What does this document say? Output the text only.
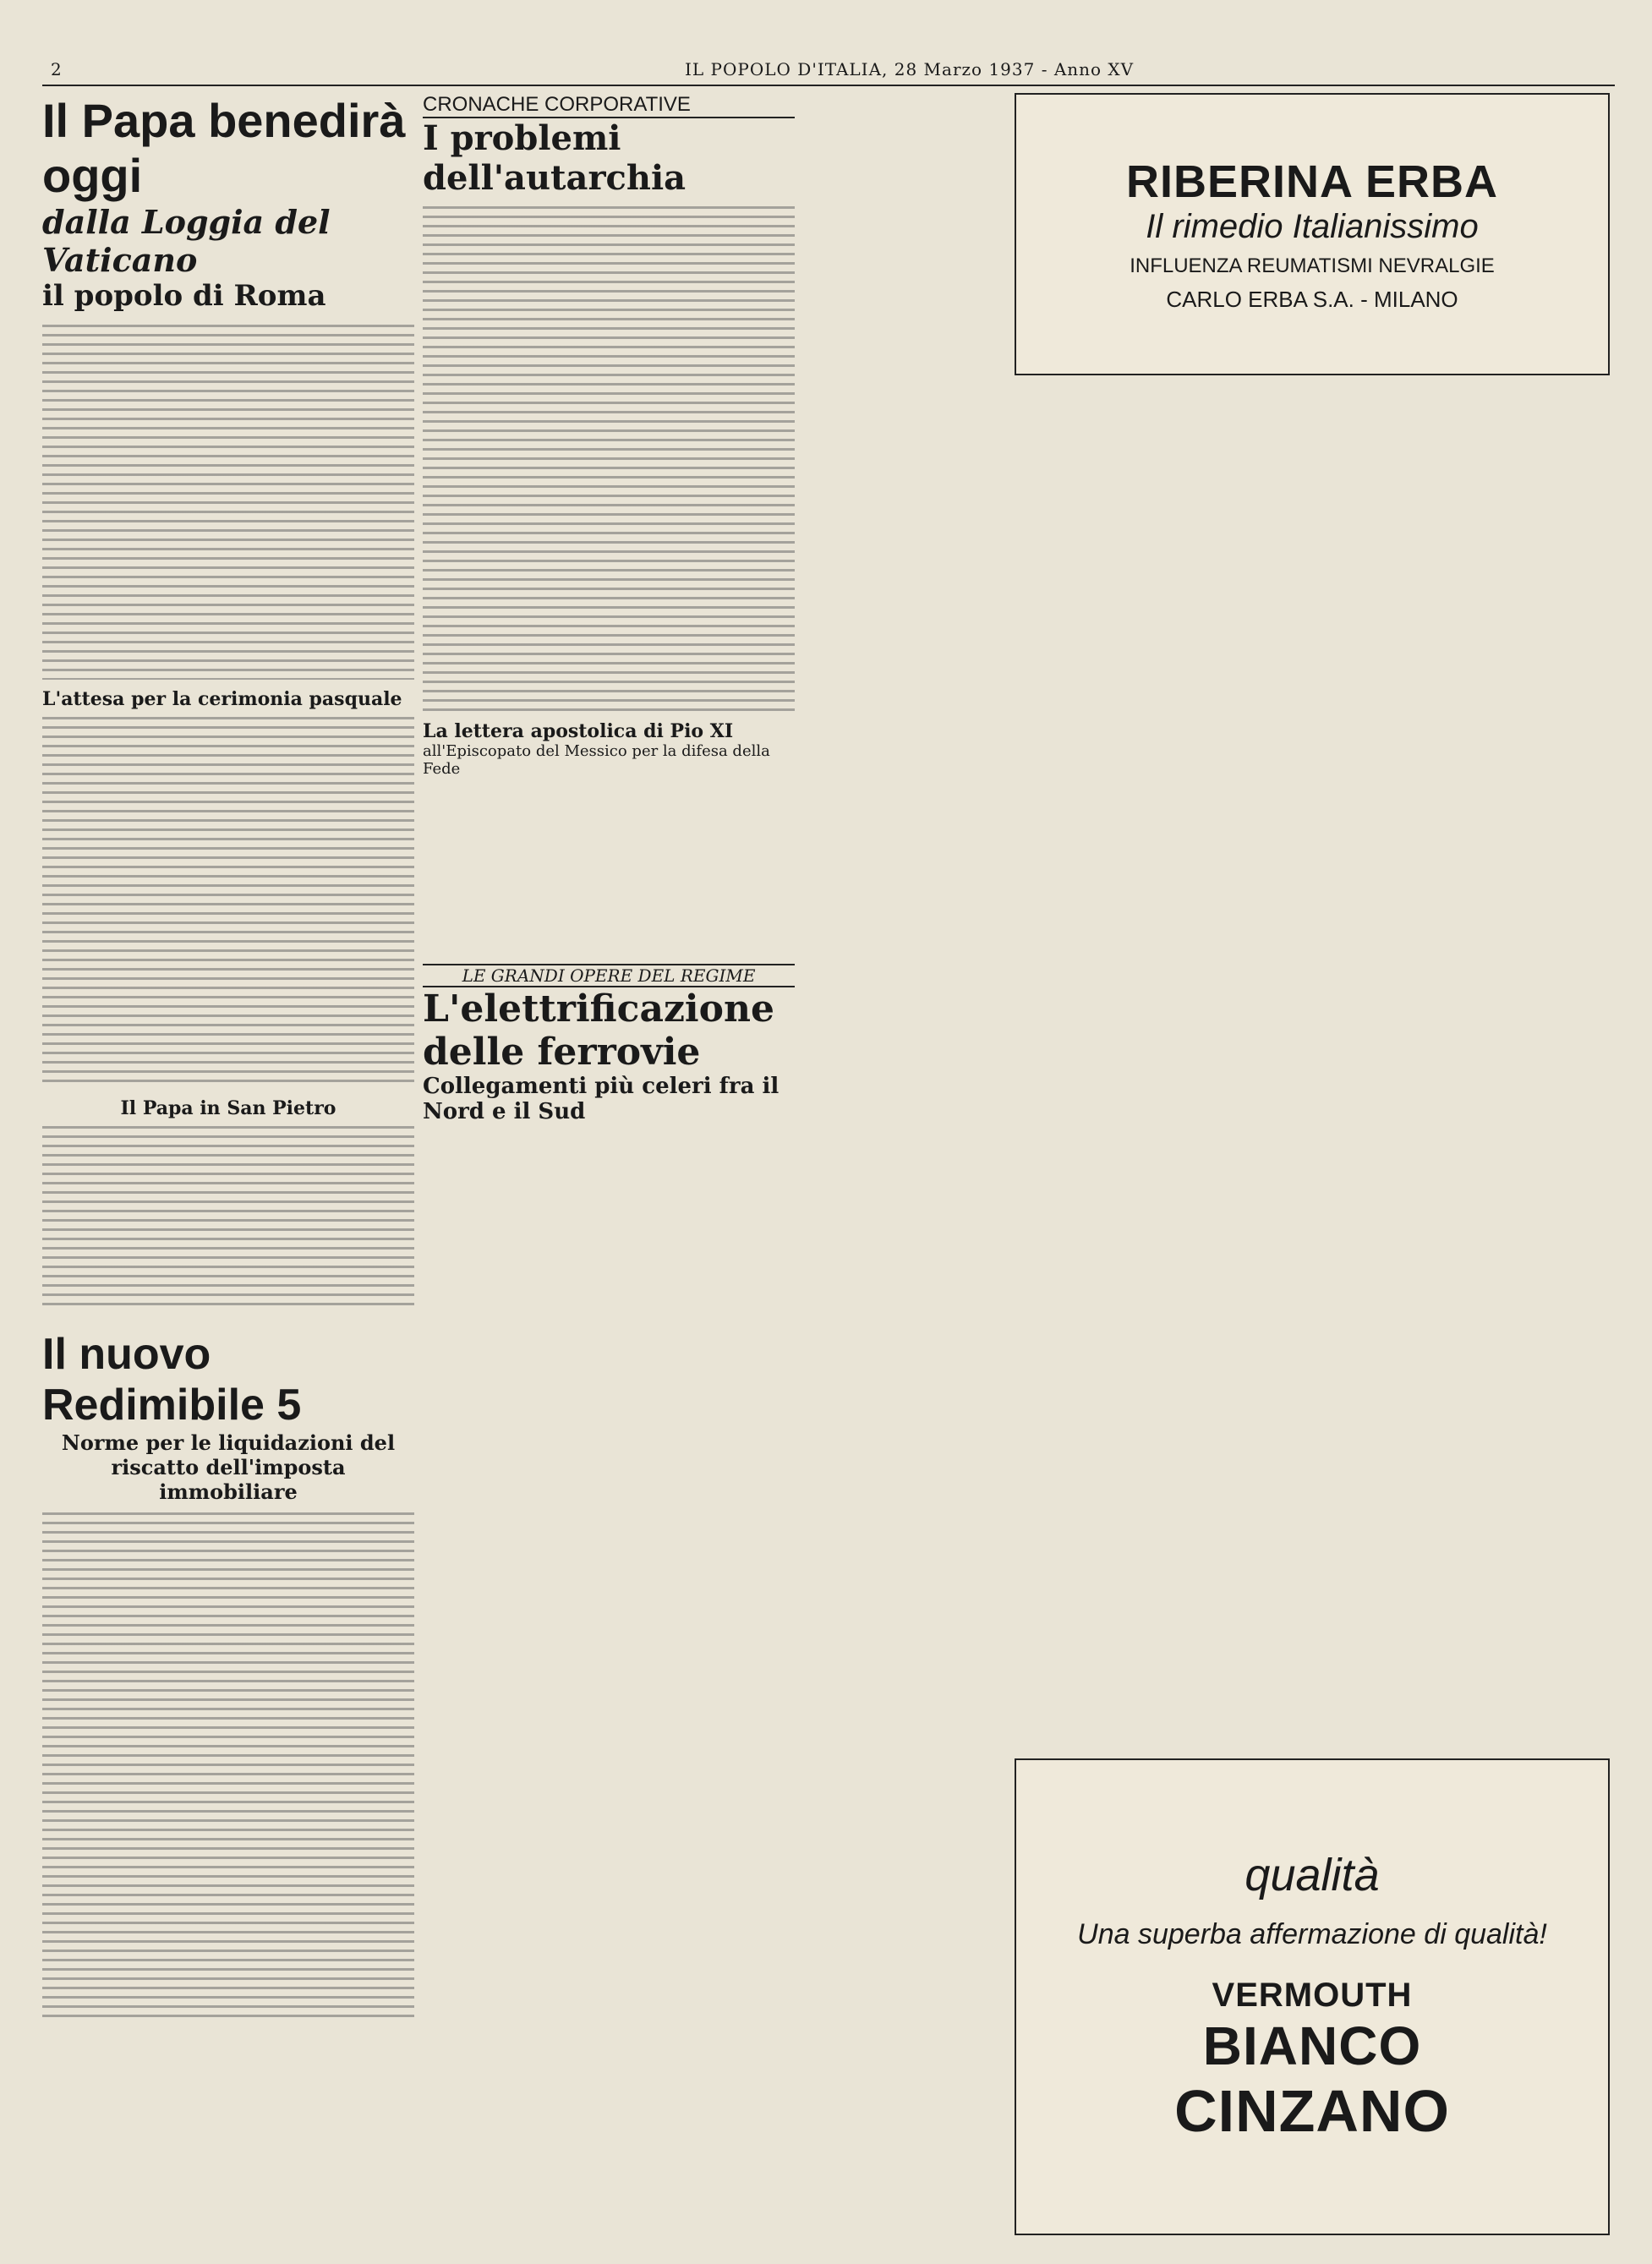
2	IL POPOLO D'ITALIA, 28 Marzo 1937 - Anno XV
Il Papa benedirà oggi
dalla Loggia del Vaticano
il popolo di Roma
L'attesa per la cerimonia pasquale
Il Papa in San Pietro
Il nuovo Redimibile 5
Norme per le liquidazioni del riscatto dell'imposta immobiliare
CRONACHE CORPORATIVE
I problemi dell'autarchia
La lettera apostolica di Pio XI
all'Episcopato del Messico per la difesa della Fede
LE GRANDI OPERE DEL REGIME
L'elettrificazione delle ferrovie
Collegamenti più celeri fra il Nord e il Sud
RIBERINA ERBA
Il rimedio Italianissimo
INFLUENZA REUMATISMI NEVRALGIE
CARLO ERBA S.A. - MILANO
qualità
Una superba affermazione di qualità!
VERMOUTH
BIANCO
CINZANO
